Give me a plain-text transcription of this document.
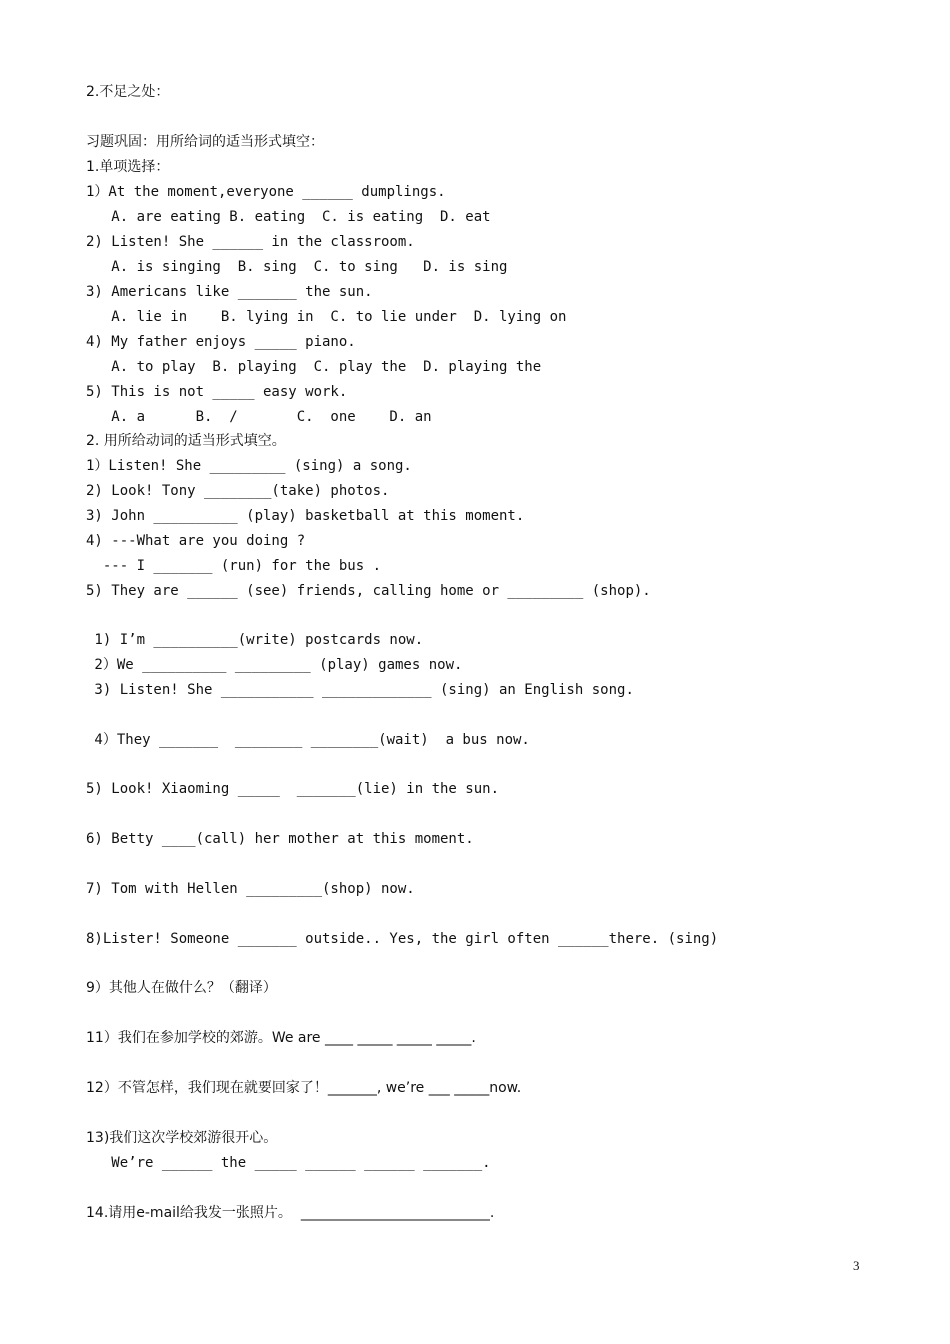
2.不足之处：
习题巩固：用所给词的适当形式填空：
1.单项选择：
1）At the moment,everyone ______ dumplings.
A. are eating B. eating  C. is eating  D. eat
2) Listen! She ______ in the classroom.
A. is singing  B. sing  C. to sing   D. is sing
3) Americans like _______ the sun.
A. lie in    B. lying in  C. to lie under  D. lying on
4) My father enjoys _____ piano.
A. to play  B. playing  C. play the  D. playing the
5) This is not _____ easy work.
A. a      B.  /       C.  one    D. an
2. 用所给动词的适当形式填空。
1）Listen! She _________ (sing) a song.
2) Look! Tony ________(take) photos.
3) John __________ (play) basketball at this moment.
4) ---What are you doing ?
--- I _______ (run) for the bus .
5) They are ______ (see) friends, calling home or _________ (shop).
1) I’m __________(write) postcards now.
2）We __________ _________ (play) games now.
3) Listen! She ___________ _____________ (sing) an English song.
4）They _______  ________ ________(wait)  a bus now.
5) Look! Xiaoming _____  _______(lie) in the sun.
6) Betty ____(call) her mother at this moment.
7) Tom with Hellen _________(shop) now.
8)Lister! Someone _______ outside.. Yes, the girl often ______there. (sing)
9）其他人在做什么？（翻译）
11）我们在参加学校的郊游。We are ____ _____ _____ _____.
12）不管怎样，我们现在就要回家了！_______, we’re ___ _____now.
13)我们这次学校郊游很开心。
We’re ______ the _____ ______ ______ _______.
14.请用e-mail给我发一张照片。  ___________________________.
3
